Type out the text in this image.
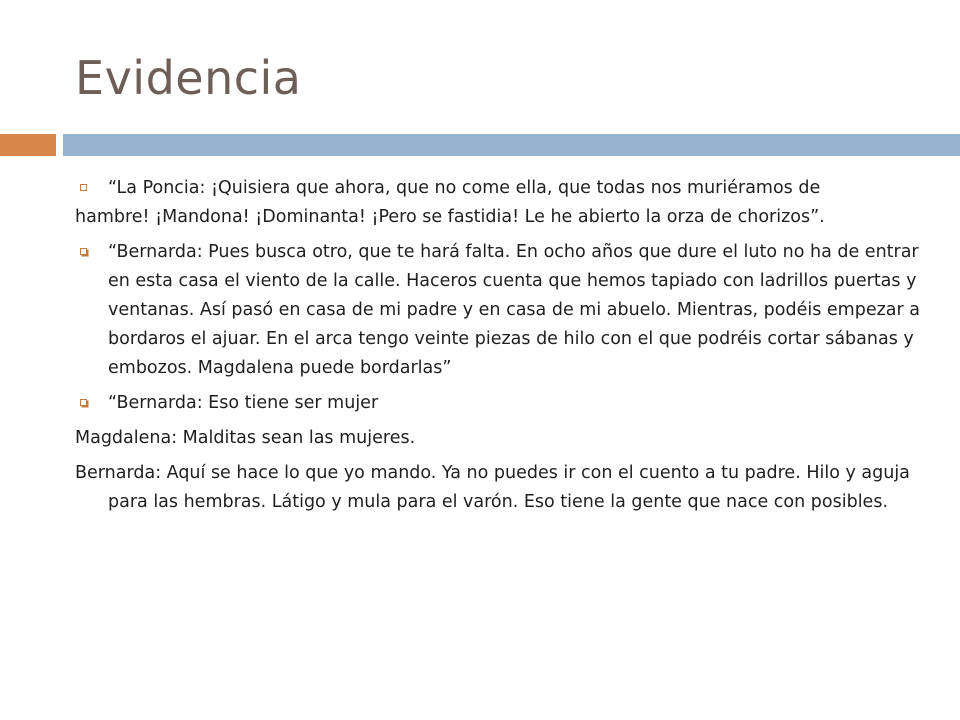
Evidencia
“La Poncia: ¡Quisiera que ahora, que no come ella, que todas nos muriéramos de
hambre! ¡Mandona! ¡Dominanta! ¡Pero se fastidia! Le he abierto la orza de chorizos”.
“Bernarda: Pues busca otro, que te hará falta. En ocho años que dure el luto no ha de entrar en esta casa el viento de la calle. Haceros cuenta que hemos tapiado con ladrillos puertas y ventanas. Así pasó en casa de mi padre y en casa de mi abuelo. Mientras, podéis empezar a bordaros el ajuar. En el arca tengo veinte piezas de hilo con el que podréis cortar sábanas y embozos. Magdalena puede bordarlas”
“Bernarda: Eso tiene ser mujer
Magdalena: Malditas sean las mujeres.
Bernarda: Aquí se hace lo que yo mando. Ya no puedes ir con el cuento a tu padre. Hilo y aguja para las hembras. Látigo y mula para el varón. Eso tiene la gente que nace con posibles.
